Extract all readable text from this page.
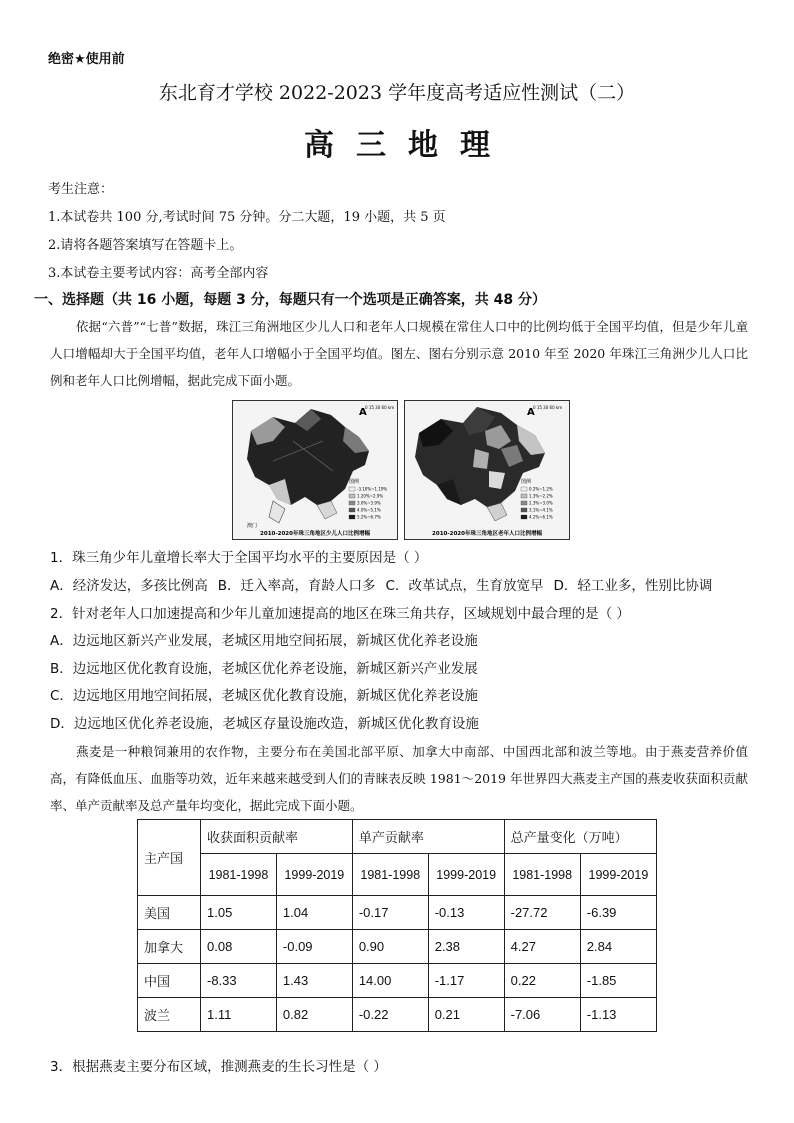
绝密★使用前
东北育才学校 2022-2023 学年度高考适应性测试（二）
高三地理
考生注意：
1.本试卷共 100 分,考试时间 75 分钟。分二大题，19 小题，共 5 页
2.请将各题答案填写在答题卡上。
3.本试卷主要考试内容：高考全部内容
一、选择题（共 16 小题，每题 3 分，每题只有一个选项是正确答案，共 48 分）
依据“六普”“七普”数据，珠江三角洲地区少儿人口和老年人口规模在常住人口中的比例均低于全国平均值，但是少年儿童人口增幅却大于全国平均值，老年人口增幅小于全国平均值。图左、图右分别示意 2010 年至 2020 年珠江三角洲少儿人口比例和老年人口比例增幅，据此完成下面小题。
A
0 15 30 60 km
澳门
图例
-3.10%~1.19%
1.20%~2.9%
3.0%~3.9%
4.0%~5.1%
5.2%~6.7%
2010-2020年珠三角地区少儿人口比例增幅
A
0 15 30 60 km
图例
0.2%~1.2%
1.3%~2.2%
2.3%~3.0%
3.1%~4.1%
4.2%~6.1%
2010-2020年珠三角地区老年人口比例增幅
1．珠三角少年儿童增长率大于全国平均水平的主要原因是（ ）
A．经济发达，多孩比例高 B．迁入率高，育龄人口多 C．改革试点，生育放宽早 D．轻工业多，性别比协调
2．针对老年人口加速提高和少年儿童加速提高的地区在珠三角共存，区域规划中最合理的是（ ）
A．边远地区新兴产业发展，老城区用地空间拓展，新城区优化养老设施
B．边远地区优化教育设施，老城区优化养老设施，新城区新兴产业发展
C．边远地区用地空间拓展，老城区优化教育设施，新城区优化养老设施
D．边远地区优化养老设施，老城区存量设施改造，新城区优化教育设施
燕麦是一种粮饲兼用的农作物，主要分布在美国北部平原、加拿大中南部、中国西北部和波兰等地。由于燕麦营养价值高，有降低血压、血脂等功效，近年来越来越受到人们的青睐表反映 1981～2019 年世界四大燕麦主产国的燕麦收获面积贡献率、单产贡献率及总产量年均变化，据此完成下面小题。
主产国	收获面积贡献率		单产贡献率		总产量变化（万吨）	
	1981-1998	1999-2019	1981-1998	1999-2019	1981-1998	1999-2019
美国	1.05	1.04	-0.17	-0.13	-27.72	-6.39
加拿大	0.08	-0.09	0.90	2.38	4.27	2.84
中国	-8.33	1.43	14.00	-1.17	0.22	-1.85
波兰	1.11	0.82	-0.22	0.21	-7.06	-1.13
3．根据燕麦主要分布区域，推测燕麦的生长习性是（ ）
